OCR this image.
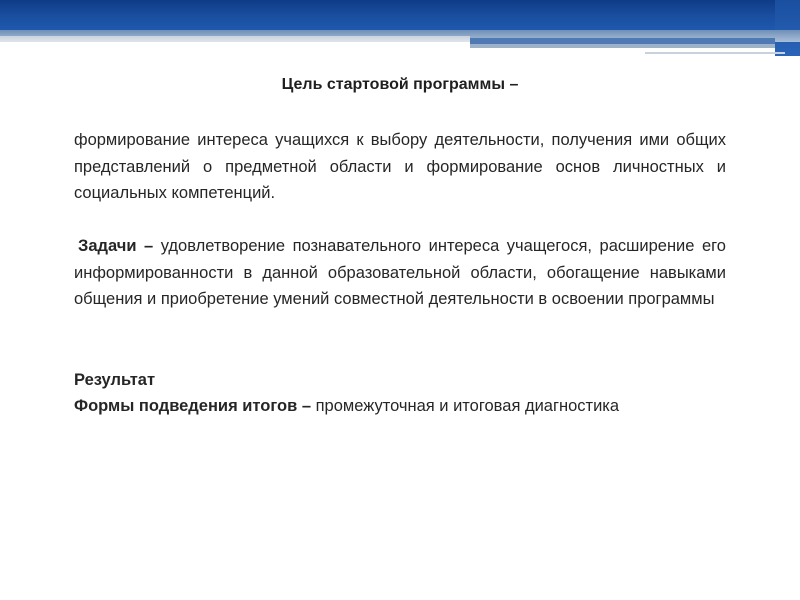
Цель стартовой программы –

формирование интереса учащихся к выбору деятельности, получения ими общих представлений о предметной области и формирование основ личностных и социальных компетенций.

Задачи – удовлетворение познавательного интереса учащегося, расширение его информированности в данной образовательной области, обогащение навыками общения и приобретение умений совместной деятельности в освоении программы

Результат

Формы подведения итогов – промежуточная и итоговая диагностика
